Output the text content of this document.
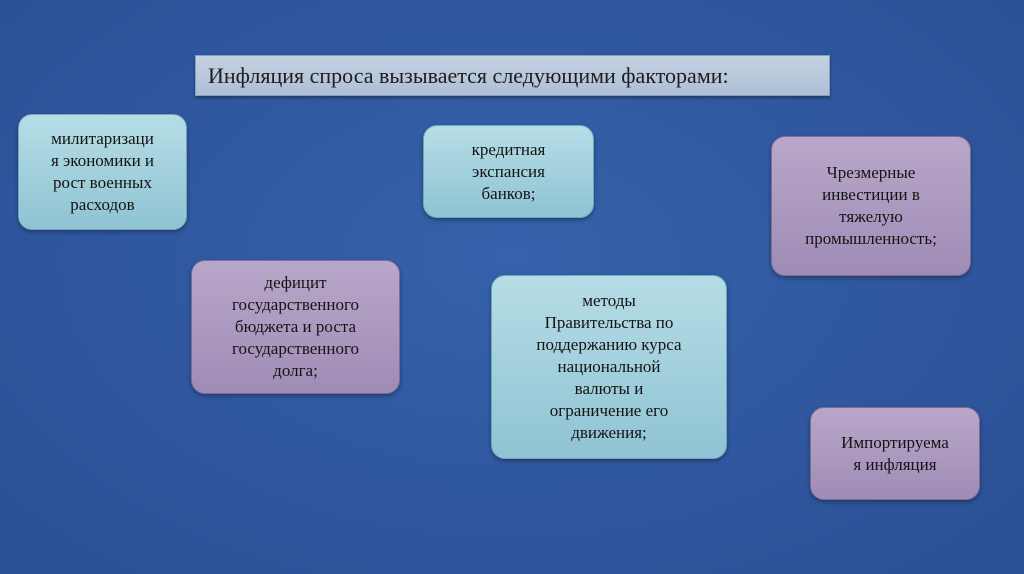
Инфляция спроса вызывается следующими факторами:
милитаризаци
я экономики и
рост военных
расходов
кредитная
экспансия
банков;
Чрезмерные
инвестиции в
тяжелую
промышленность;
дефицит
государственного
бюджета и роста
государственного
долга;
методы
Правительства по
поддержанию курса
национальной
валюты и
ограничение его
движения;	Импортируема
я инфляция
